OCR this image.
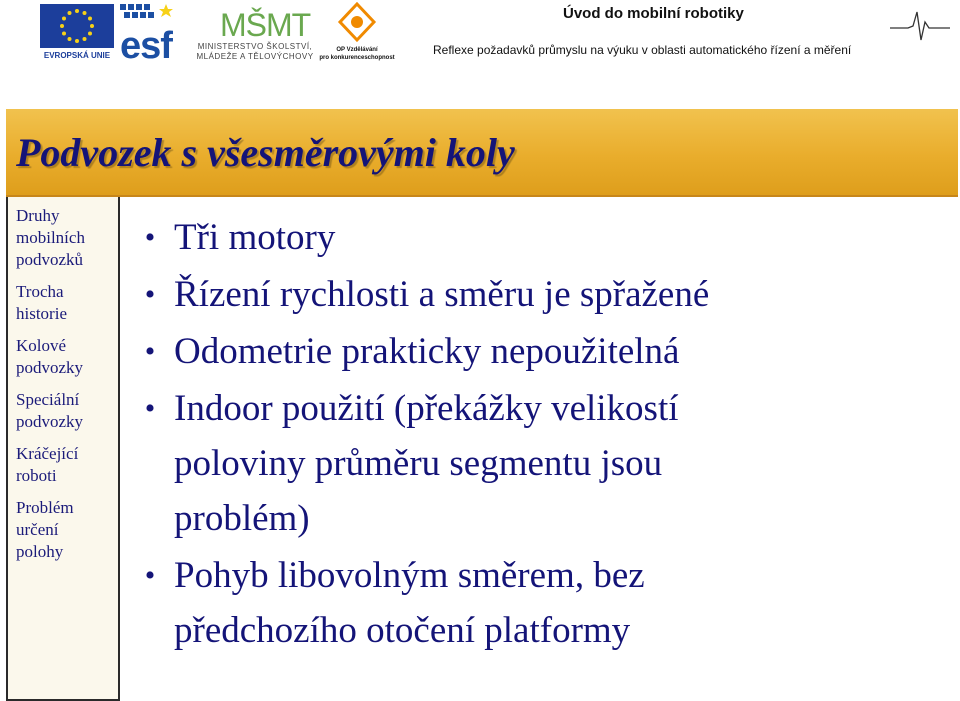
EVROPSKÁ UNIE esf MŠMT
MINISTERSTVO ŠKOLSTVÍ,
MLÁDEŽE A TĚLOVÝCHOVY
OP Vzdělávání
pro konkurenceschopnost
Úvod do mobilní robotiky
Reflexe požadavků průmyslu na výuku v oblasti automatického řízení a měření
Podvozek s všesměrovými koly
Druhy
mobilních
podvozků
Trocha
historie
Kolové
podvozky
Speciální
podvozky
Kráčející
roboti
Problém
určení
polohy
• Tři motory
• Řízení rychlosti a směru je spřažené
• Odometrie prakticky nepoužitelná
• Indoor použití (překážky velikostí poloviny průměru segmentu jsou problém)
• Pohyb libovolným směrem, bez předchozího otočení platformy
